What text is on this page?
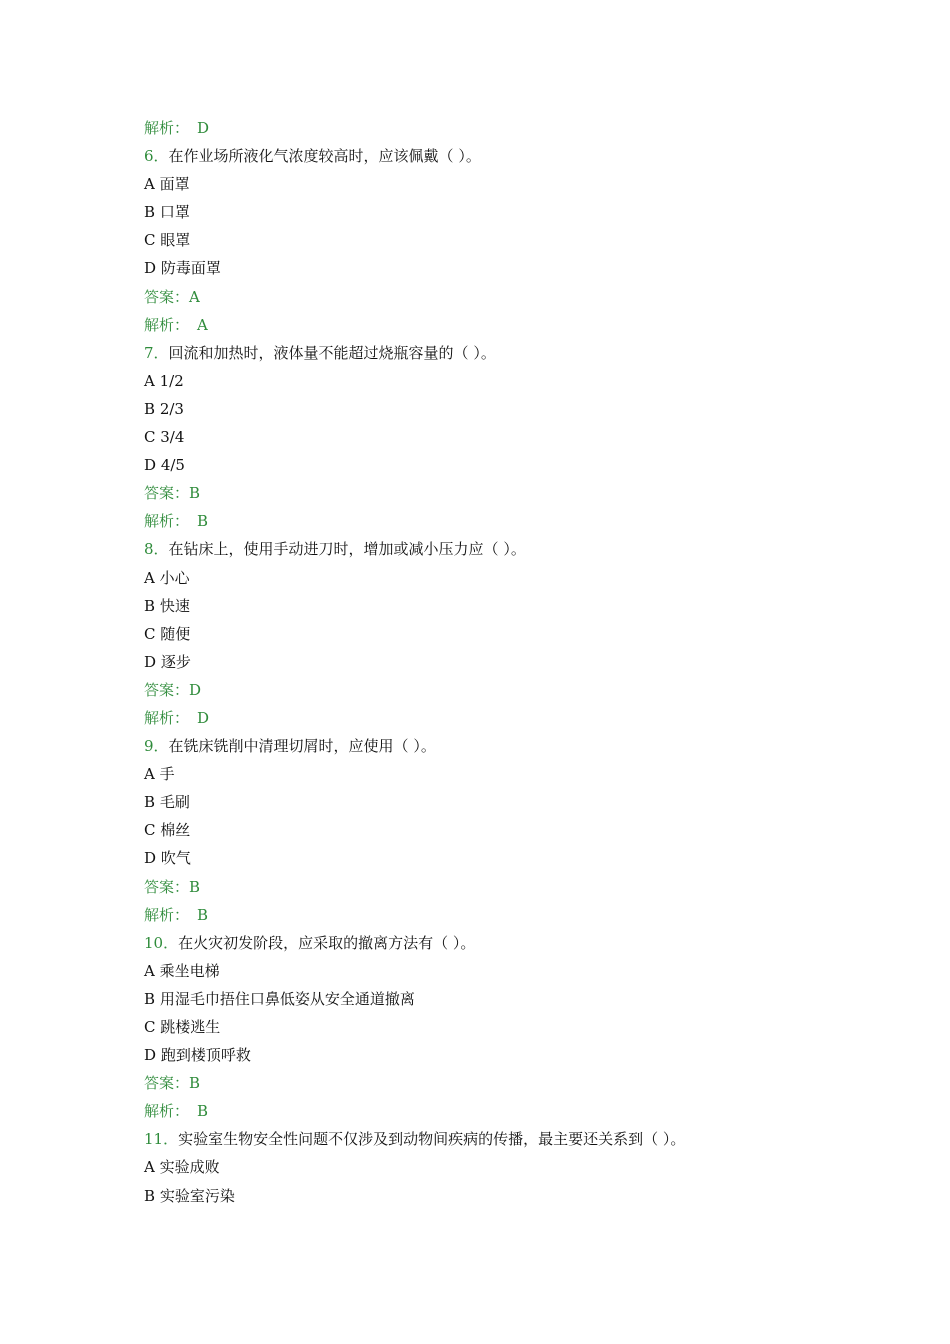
解析： D
6．在作业场所液化气浓度较高时，应该佩戴（ ）。
A 面罩
B 口罩
C 眼罩
D 防毒面罩
答案：A
解析： A
7．回流和加热时，液体量不能超过烧瓶容量的（ ）。
A 1/2
B 2/3
C 3/4
D 4/5
答案：B
解析： B
8．在钻床上，使用手动进刀时，增加或减小压力应（ ）。
A 小心
B 快速
C 随便
D 逐步
答案：D
解析： D
9．在铣床铣削中清理切屑时，应使用（ ）。
A 手
B 毛刷
C 棉丝
D 吹气
答案：B
解析： B
10．在火灾初发阶段，应采取的撤离方法有（ ）。
A 乘坐电梯
B 用湿毛巾捂住口鼻低姿从安全通道撤离
C 跳楼逃生
D 跑到楼顶呼救
答案：B
解析： B
11．实验室生物安全性问题不仅涉及到动物间疾病的传播，最主要还关系到（ ）。
A 实验成败
B 实验室污染
